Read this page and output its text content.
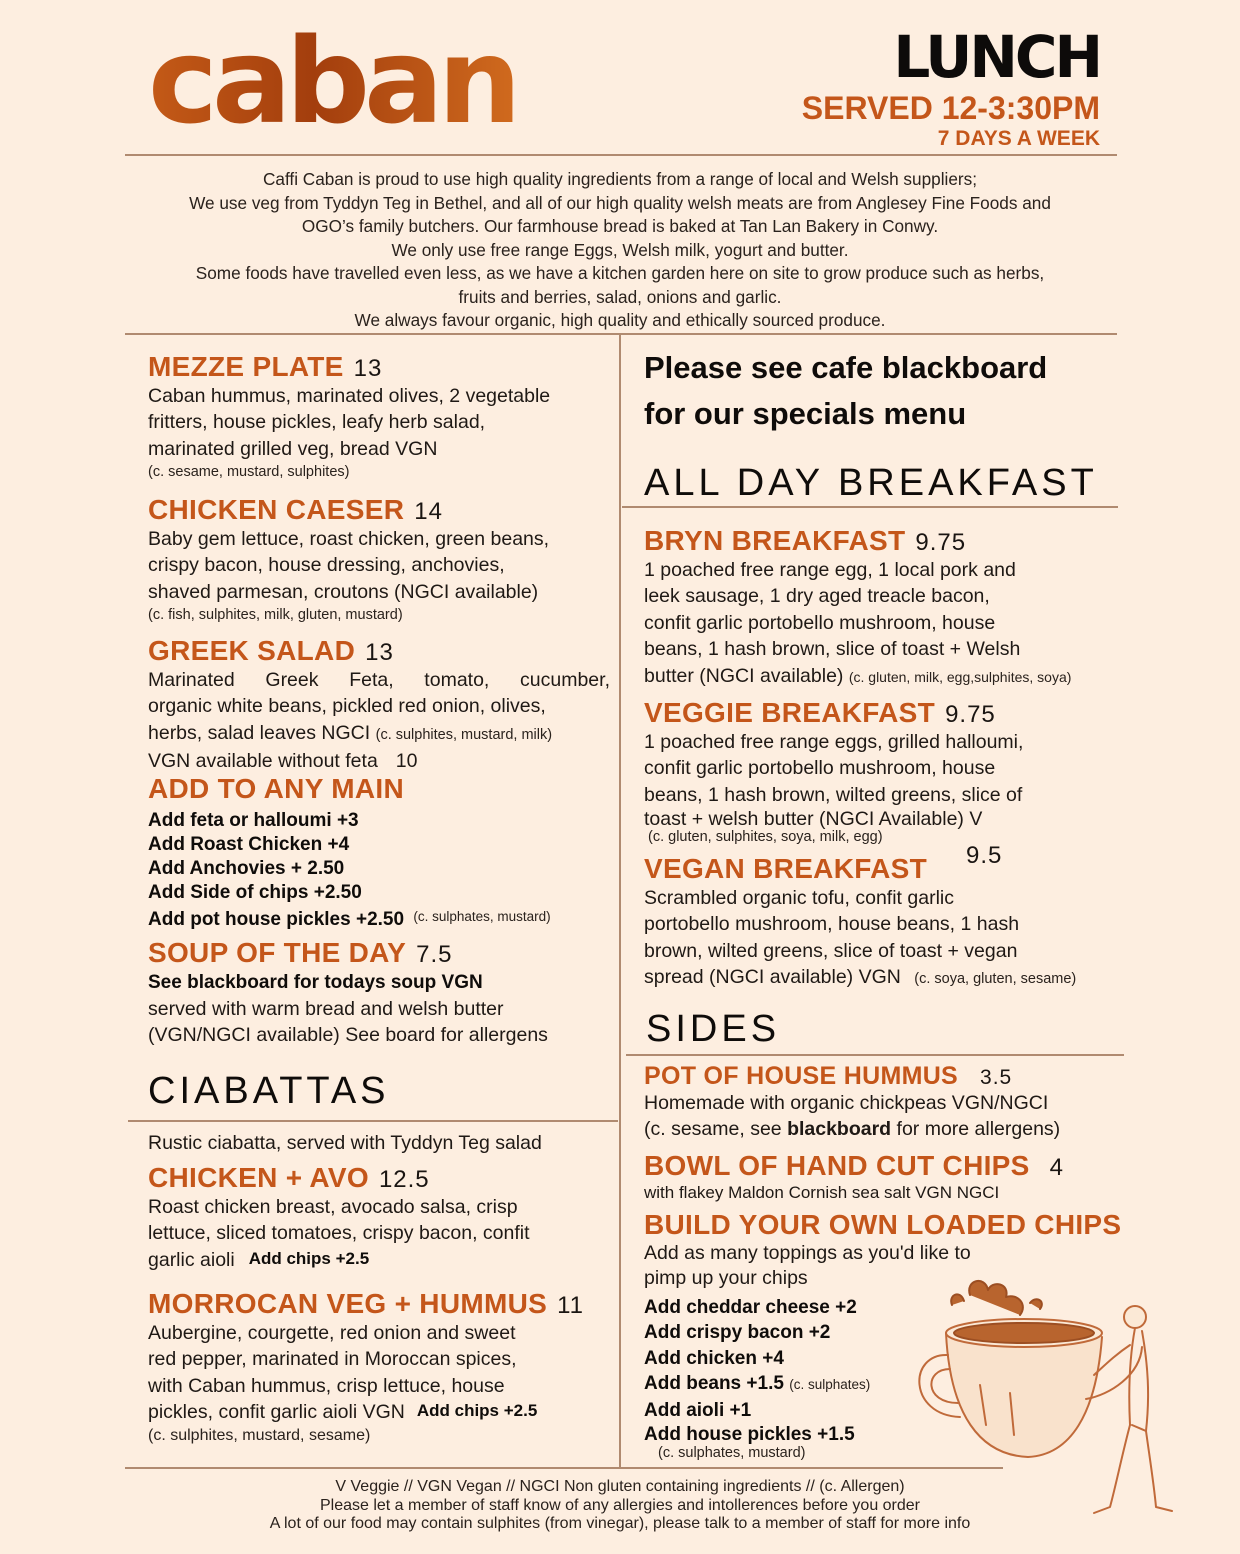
caban	LUNCH
SERVED 12-3:30PM
7 DAYS A WEEK
Caffi Caban is proud to use high quality ingredients from a range of local and Welsh suppliers;
We use veg from Tyddyn Teg in Bethel, and all of our high quality welsh meats are from Anglesey Fine Foods and
OGO’s family butchers. Our farmhouse bread is baked at Tan Lan Bakery in Conwy.
We only use free range Eggs, Welsh milk, yogurt and butter.
Some foods have travelled even less, as we have a kitchen garden here on site to grow produce such as herbs,
fruits and berries, salad, onions and garlic.
We always favour organic, high quality and ethically sourced produce.
MEZZE PLATE 13
Caban hummus, marinated olives, 2 vegetable
fritters, house pickles, leafy herb salad,
marinated grilled veg, bread VGN
(c. sesame, mustard, sulphites)
CHICKEN CAESER 14
Baby gem lettuce, roast chicken, green beans,
crispy bacon, house dressing, anchovies,
shaved parmesan, croutons (NGCI available)
(c. fish, sulphites, milk, gluten, mustard)
GREEK SALAD 13
Marinated Greek Feta, tomato, cucumber,
organic white beans, pickled red onion, olives,
herbs, salad leaves NGCI (c. sulphites, mustard, milk)
VGN available without feta 10
ADD TO ANY MAIN
Add feta or halloumi +3
Add Roast Chicken +4
Add Anchovies + 2.50
Add Side of chips +2.50
Add pot house pickles +2.50 $^{(c. sulphates, mustard)}$
SOUP OF THE DAY 7.5
See blackboard for todays soup VGN
served with warm bread and welsh butter
(VGN/NGCI available) See board for allergens
CIABATTAS
Rustic ciabatta, served with Tyddyn Teg salad
CHICKEN + AVO 12.5
Roast chicken breast, avocado salsa, crisp
lettuce, sliced tomatoes, crispy bacon, confit
garlic aioli Add chips +2.5
MORROCAN VEG + HUMMUS 11
Aubergine, courgette, red onion and sweet
red pepper, marinated in Moroccan spices,
with Caban hummus, crisp lettuce, house
pickles, confit garlic aioli VGN Add chips +2.5
(c. sulphites, mustard, sesame)
Please see cafe blackboard
for our specials menu
ALL DAY BREAKFAST
BRYN BREAKFAST 9.75
1 poached free range egg, 1 local pork and
leek sausage, 1 dry aged treacle bacon,
confit garlic portobello mushroom, house
beans, 1 hash brown, slice of toast + Welsh
butter (NGCI available) (c. gluten, milk, egg,sulphites, soya)
VEGGIE BREAKFAST 9.75
1 poached free range eggs, grilled halloumi,
confit garlic portobello mushroom, house
beans, 1 hash brown, wilted greens, slice of
toast + welsh butter (NGCI Available) V
(c. gluten, sulphites, soya, milk, egg)
VEGAN BREAKFAST	9.5
Scrambled organic tofu, confit garlic
portobello mushroom, house beans, 1 hash
brown, wilted greens, slice of toast + vegan
spread (NGCI available) VGN (c. soya, gluten, sesame)
SIDES
POT OF HOUSE HUMMUS 3.5
Homemade with organic chickpeas VGN/NGCI
(c. sesame, see blackboard for more allergens)
BOWL OF HAND CUT CHIPS 4
with flakey Maldon Cornish sea salt VGN NGCI
BUILD YOUR OWN LOADED CHIPS
Add as many toppings as you'd like to
pimp up your chips
Add cheddar cheese +2
Add crispy bacon +2
Add chicken +4
Add beans +1.5 (c. sulphates)
Add aioli +1
Add house pickles +1.5
(c. sulphates, mustard)
V Veggie // VGN Vegan // NGCI Non gluten containing ingredients // (c. Allergen)
Please let a member of staff know of any allergies and intollerences before you order
A lot of our food may contain sulphites (from vinegar), please talk to a member of staff for more info
